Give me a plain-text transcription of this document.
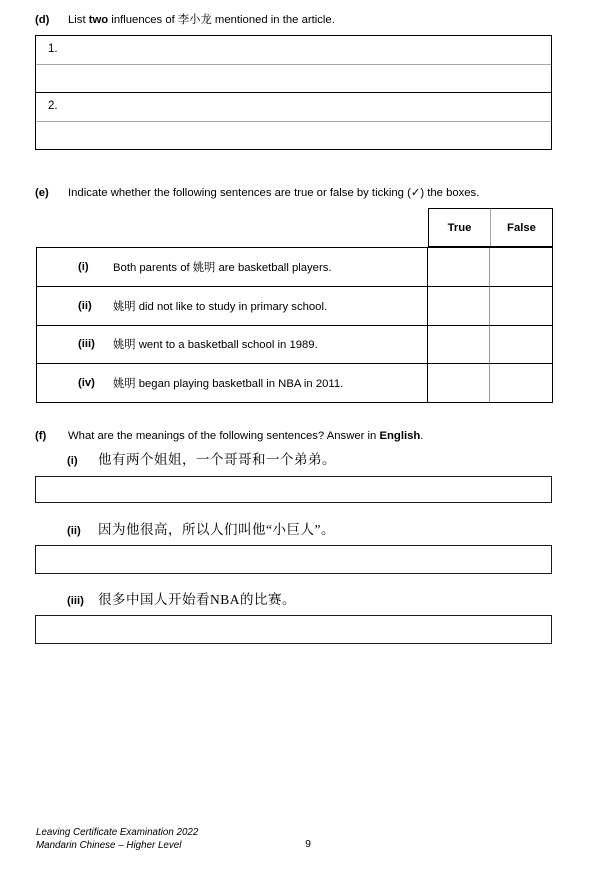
(d)	List two influences of 李小龙 mentioned in the article.
1.
2.
(e)	Indicate whether the following sentences are true or false by ticking (✓) the boxes.
True	False
(i)	Both parents of 姚明 are basketball players.
(ii)	姚明 did not like to study in primary school.
(iii)	姚明 went to a basketball school in 1989.
(iv)	姚明 began playing basketball in NBA in 2011.
(f)	What are the meanings of the following sentences? Answer in English.
(i)	他有两个姐姐，一个哥哥和一个弟弟。
(ii)	因为他很高，所以人们叫他“小巨人”。
(iii)	很多中国人开始看NBA的比赛。
Leaving Certificate Examination 2022
Mandarin Chinese – Higher Level	9
